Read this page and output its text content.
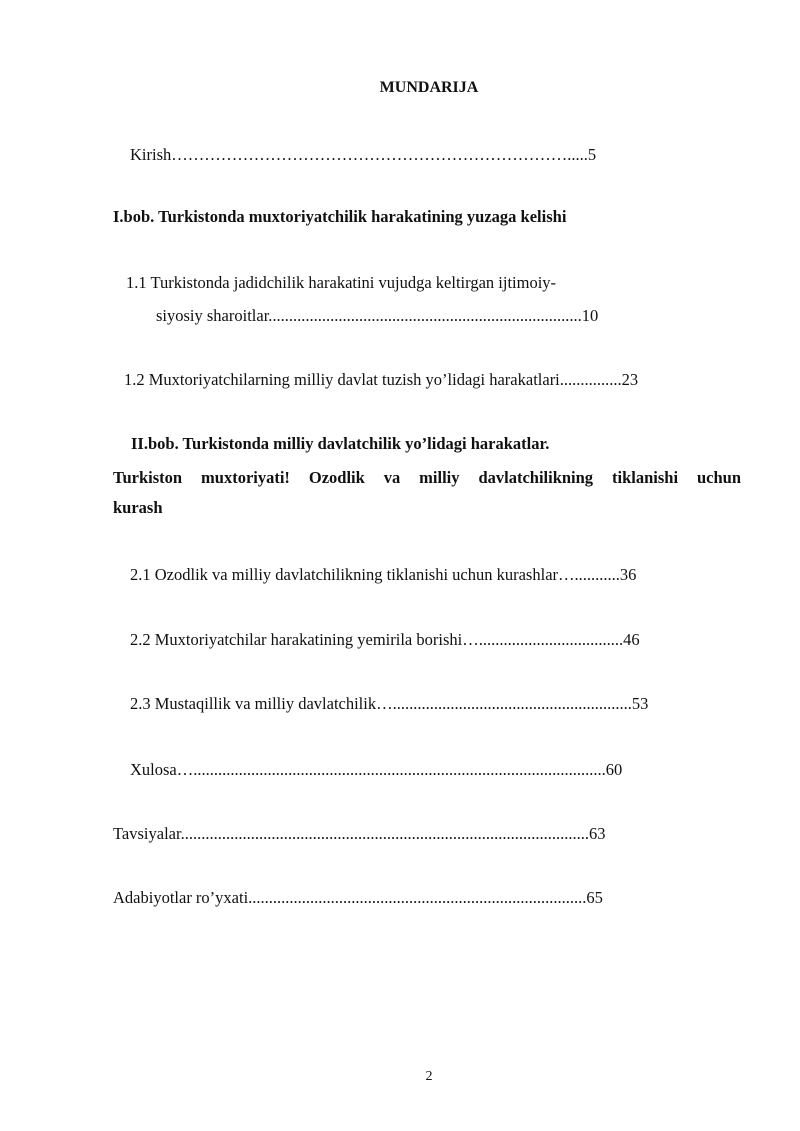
MUNDARIJA
Kirish……………………………………………………………….....5
I.bob. Turkistonda muxtoriyatchilik harakatining yuzaga kelishi
1.1 Turkistonda jadidchilik harakatini vujudga keltirgan ijtimoiy-
siyosiy sharoitlar............................................................................10
1.2 Muxtoriyatchilarning milliy davlat tuzish yo’lidagi harakatlari...............23
II.bob. Turkistonda milliy davlatchilik yo’lidagi harakatlar.
Turkiston muxtoriyati! Ozodlik va milliy davlatchilikning tiklanishi uchun
kurash
2.1 Ozodlik va milliy davlatchilikning tiklanishi uchun kurashlar…...........36
2.2 Muxtoriyatchilar harakatining yemirila borishi…...................................46
2.3 Mustaqillik va milliy davlatchilik…..........................................................53
Xulosa…....................................................................................................60
Tavsiyalar...................................................................................................63
Adabiyotlar ro’yxati..................................................................................65
2
